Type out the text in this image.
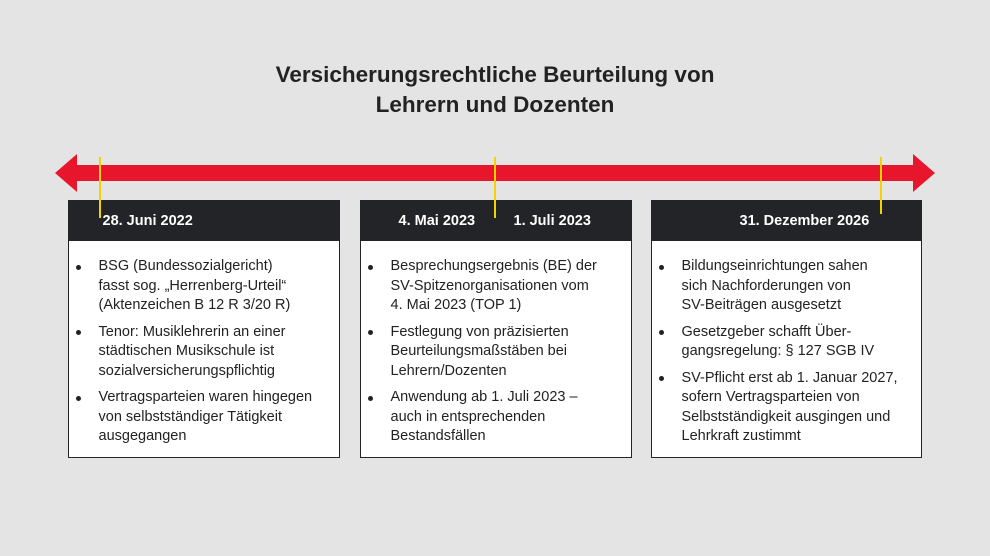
Versicherungsrechtliche Beurteilung von
Lehrern und Dozenten
28. Juni 2022
BSG (Bundessozialgericht)
fasst sog. „Herrenberg-Urteil“
(Aktenzeichen B 12 R 3/20 R)
Tenor: Musiklehrerin an einer
städtischen Musikschule ist
sozialversicherungspflichtig
Vertragsparteien waren hingegen
von selbstständiger Tätigkeit
ausgegangen
4. Mai 2023	1. Juli 2023
Besprechungsergebnis (BE) der
SV-Spitzenorganisationen vom
4. Mai 2023 (TOP 1)
Festlegung von präzisierten
Beurteilungsmaßstäben bei
Lehrern/Dozenten
Anwendung ab 1. Juli 2023 –
auch in entsprechenden
Bestandsfällen
31. Dezember 2026
Bildungseinrichtungen sahen
sich Nachforderungen von
SV-Beiträgen ausgesetzt
Gesetzgeber schafft Über-
gangsregelung: § 127 SGB IV
SV-Pflicht erst ab 1. Januar 2027,
sofern Vertragsparteien von
Selbstständigkeit ausgingen und
Lehrkraft zustimmt
